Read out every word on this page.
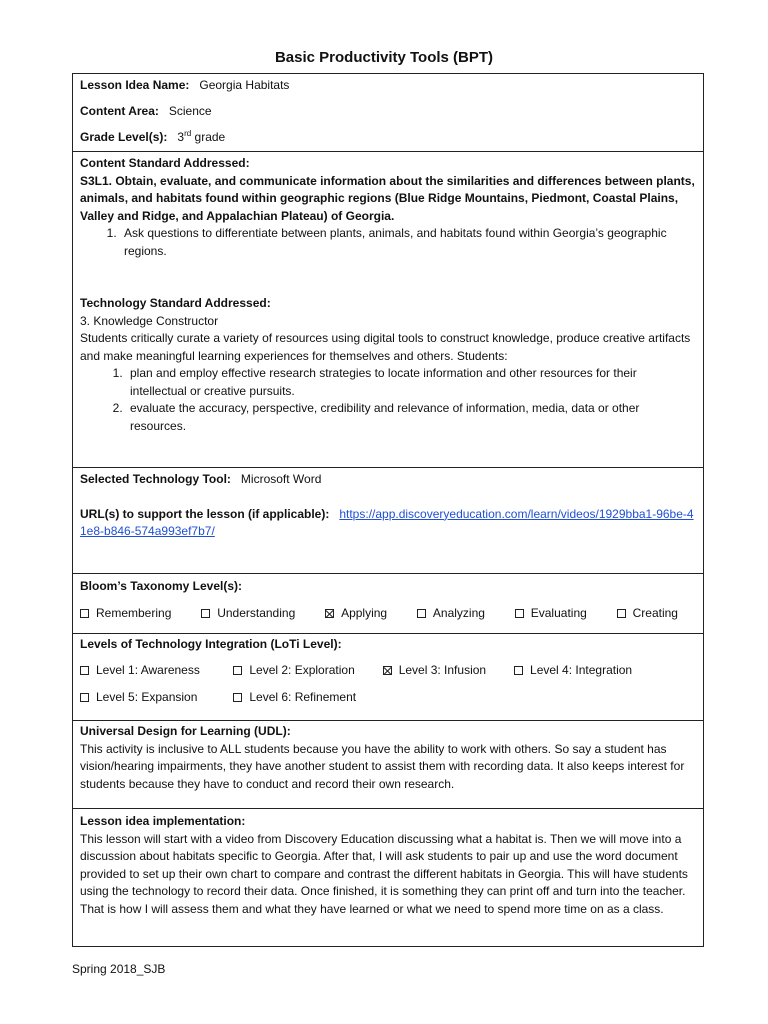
Basic Productivity Tools (BPT)
Lesson Idea Name: Georgia Habitats
Content Area: Science
Grade Level(s): 3rd grade
Content Standard Addressed:
S3L1. Obtain, evaluate, and communicate information about the similarities and differences between plants, animals, and habitats found within geographic regions (Blue Ridge Mountains, Piedmont, Coastal Plains, Valley and Ridge, and Appalachian Plateau) of Georgia.
1. Ask questions to differentiate between plants, animals, and habitats found within Georgia’s geographic regions.
Technology Standard Addressed:
3. Knowledge Constructor
Students critically curate a variety of resources using digital tools to construct knowledge, produce creative artifacts and make meaningful learning experiences for themselves and others. Students:
1. plan and employ effective research strategies to locate information and other resources for their intellectual or creative pursuits.
2. evaluate the accuracy, perspective, credibility and relevance of information, media, data or other resources.
Selected Technology Tool: Microsoft Word
URL(s) to support the lesson (if applicable): https://app.discoveryeducation.com/learn/videos/1929bba1-96be-41e8-b846-574a993ef7b7/
Bloom’s Taxonomy Level(s):
Remembering	Understanding	Applying	Analyzing	Evaluating	Creating
Levels of Technology Integration (LoTi Level):
Level 1: Awareness	Level 2: Exploration	Level 3: Infusion	Level 4: Integration
Level 5: Expansion	Level 6: Refinement
Universal Design for Learning (UDL):
This activity is inclusive to ALL students because you have the ability to work with others. So say a student has vision/hearing impairments, they have another student to assist them with recording data. It also keeps interest for students because they have to conduct and record their own research.
Lesson idea implementation:
This lesson will start with a video from Discovery Education discussing what a habitat is. Then we will move into a discussion about habitats specific to Georgia. After that, I will ask students to pair up and use the word document provided to set up their own chart to compare and contrast the different habitats in Georgia. This will have students using the technology to record their data. Once finished, it is something they can print off and turn into the teacher. That is how I will assess them and what they have learned or what we need to spend more time on as a class.
Spring 2018_SJB
